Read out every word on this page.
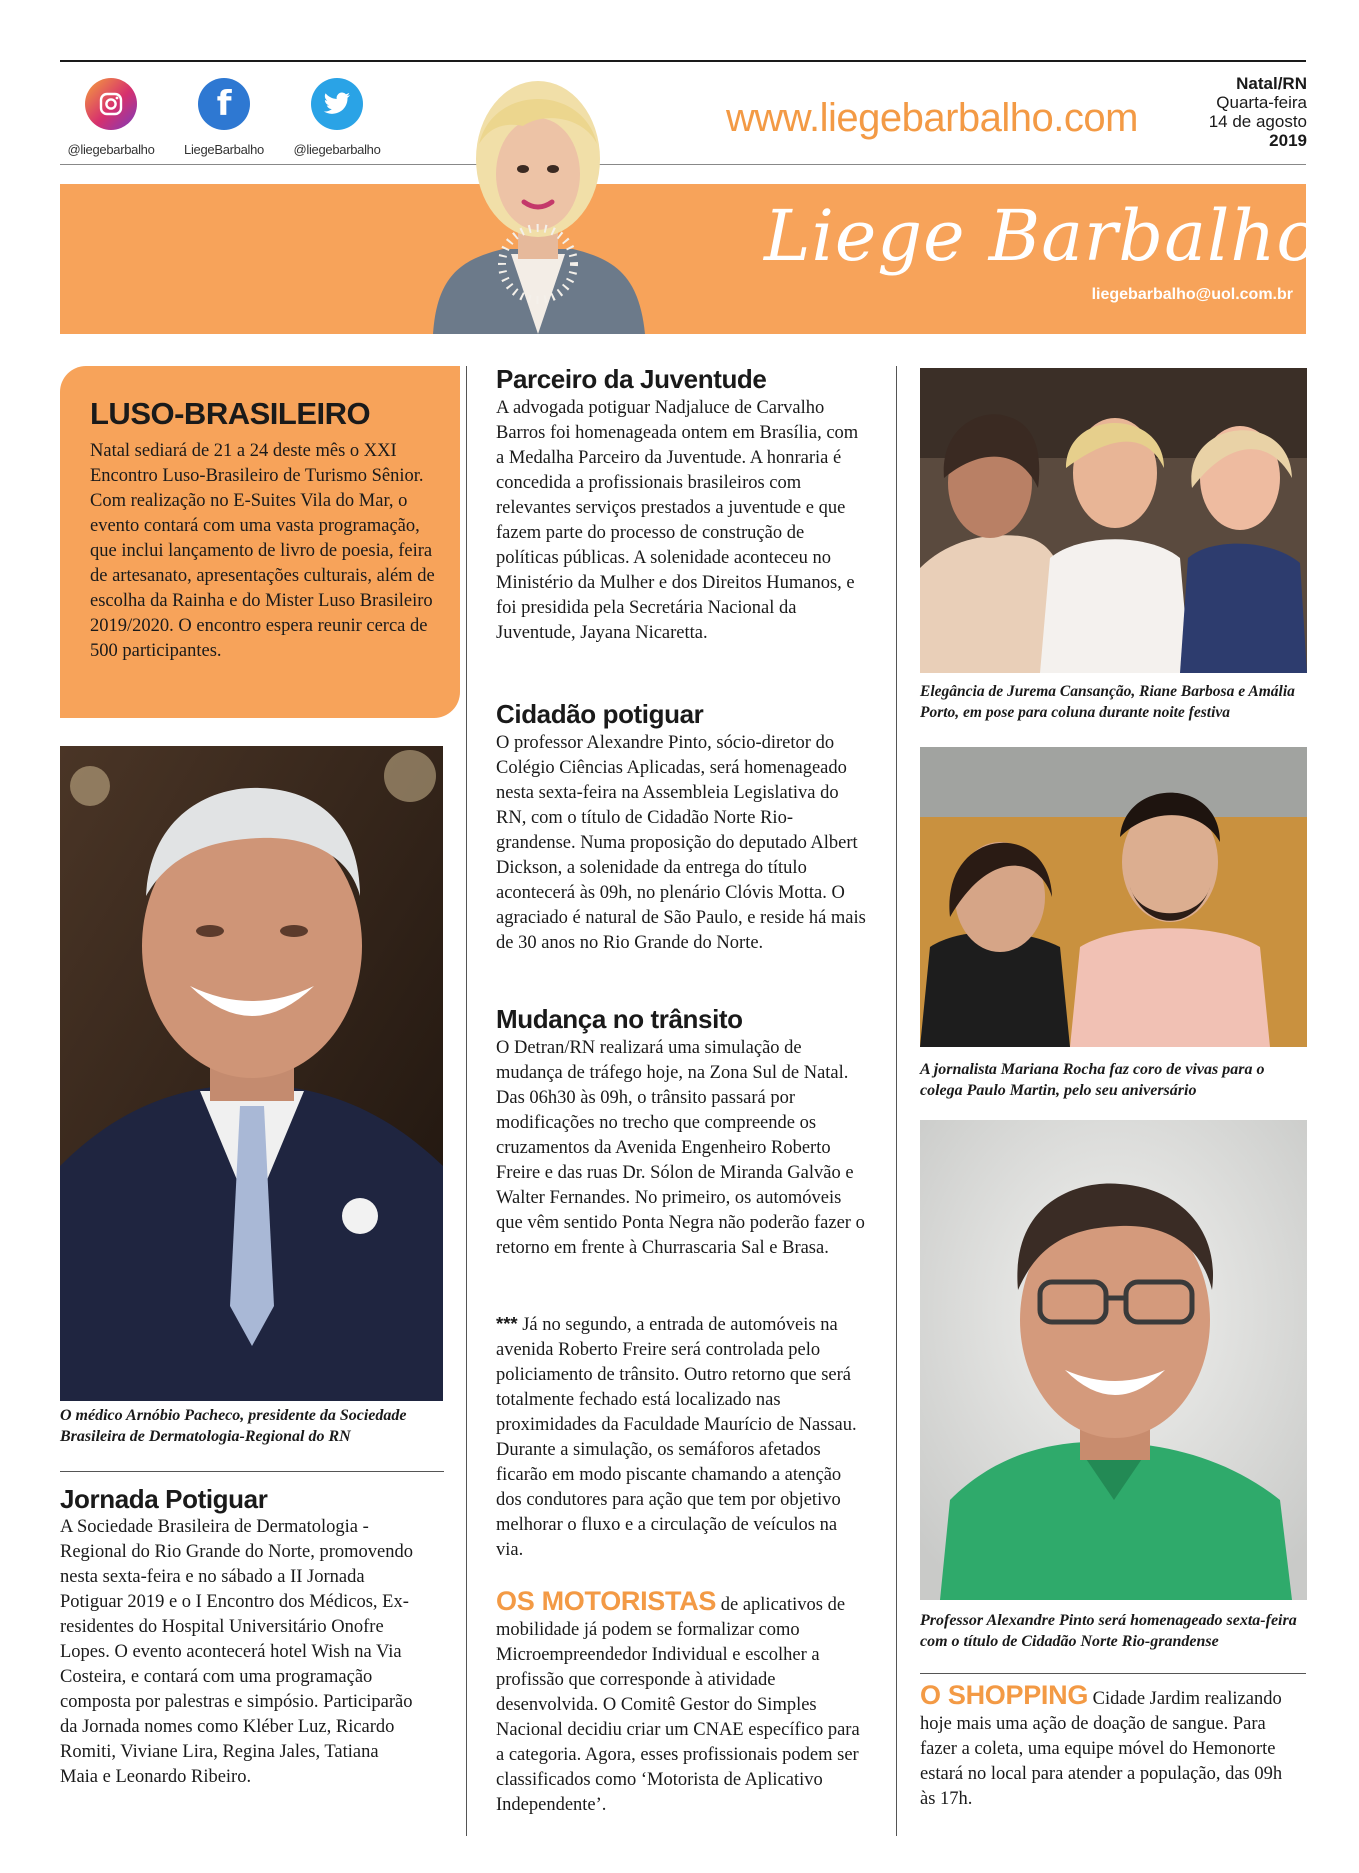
@liegebarbalho
f
LiegeBarbalho	@liegebarbalho
www.liegebarbalho.com
Natal/RN
Quarta-feira
14 de agosto
2019
Liege Barbalho
liegebarbalho@uol.com.br
LUSO-BRASILEIRO

Natal sediará de 21 a 24 deste mês o XXI Encontro Luso-Brasileiro de Turismo Sênior. Com realização no E-Suites Vila do Mar, o evento contará com uma vasta programação, que inclui lançamento de livro de poesia, feira de artesanato, apresentações culturais, além de escolha da Rainha e do Mister Luso Brasileiro 2019/2020. O encontro espera reunir cerca de 500 participantes.

O médico Arnóbio Pacheco, presidente da Sociedade Brasileira de Dermatologia-Regional do RN

Jornada Potiguar

A Sociedade Brasileira de Dermatologia - Regional do Rio Grande do Norte, promovendo nesta sexta-feira e no sábado a II Jornada Potiguar 2019 e o I Encontro dos Médicos, Ex-residentes do Hospital Universitário Onofre Lopes. O evento acontecerá hotel Wish na Via Costeira, e contará com uma programação composta por palestras e simpósio. Participarão da Jornada nomes como Kléber Luz, Ricardo Romiti, Viviane Lira, Regina Jales, Tatiana Maia e Leonardo Ribeiro.

Parceiro da Juventude

A advogada potiguar Nadjaluce de Carvalho Barros foi homenageada ontem em Brasília, com a Medalha Parceiro da Juventude. A honraria é concedida a profissionais brasileiros com relevantes serviços prestados a juventude e que fazem parte do processo de construção de políticas públicas. A solenidade aconteceu no Ministério da Mulher e dos Direitos Humanos, e foi presidida pela Secretária Nacional da Juventude, Jayana Nicaretta.

Cidadão potiguar

O professor Alexandre Pinto, sócio-diretor do Colégio Ciências Aplicadas, será homenageado nesta sexta-feira na Assembleia Legislativa do RN, com o título de Cidadão Norte Rio-grandense. Numa proposição do deputado Albert Dickson, a solenidade da entrega do título acontecerá às 09h, no plenário Clóvis Motta. O agraciado é natural de São Paulo, e reside há mais de 30 anos no Rio Grande do Norte.

Mudança no trânsito

O Detran/RN realizará uma simulação de mudança de tráfego hoje, na Zona Sul de Natal. Das 06h30 às 09h, o trânsito passará por modificações no trecho que compreende os cruzamentos da Avenida Engenheiro Roberto Freire e das ruas Dr. Sólon de Miranda Galvão e Walter Fernandes. No primeiro, os automóveis que vêm sentido Ponta Negra não poderão fazer o retorno em frente à Churrascaria Sal e Brasa.

*** Já no segundo, a entrada de automóveis na avenida Roberto Freire será controlada pelo policiamento de trânsito. Outro retorno que será totalmente fechado está localizado nas proximidades da Faculdade Maurício de Nassau. Durante a simulação, os semáforos afetados ficarão em modo piscante chamando a atenção dos condutores para ação que tem por objetivo melhorar o fluxo e a circulação de veículos na via.

OS MOTORISTAS de aplicativos de mobilidade já podem se formalizar como Microempreendedor Individual e escolher a profissão que corresponde à atividade desenvolvida. O Comitê Gestor do Simples Nacional decidiu criar um CNAE específico para a categoria. Agora, esses profissionais podem ser classificados como ‘Motorista de Aplicativo Independente’.

Elegância de Jurema Cansanção, Riane Barbosa e Amália Porto, em pose para coluna durante noite festiva

A jornalista Mariana Rocha faz coro de vivas para o colega Paulo Martin, pelo seu aniversário

Professor Alexandre Pinto será homenageado sexta-feira com o título de Cidadão Norte Rio-grandense

O SHOPPING Cidade Jardim realizando hoje mais uma ação de doação de sangue. Para fazer a coleta, uma equipe móvel do Hemonorte estará no local para atender a população, das 09h às 17h.
